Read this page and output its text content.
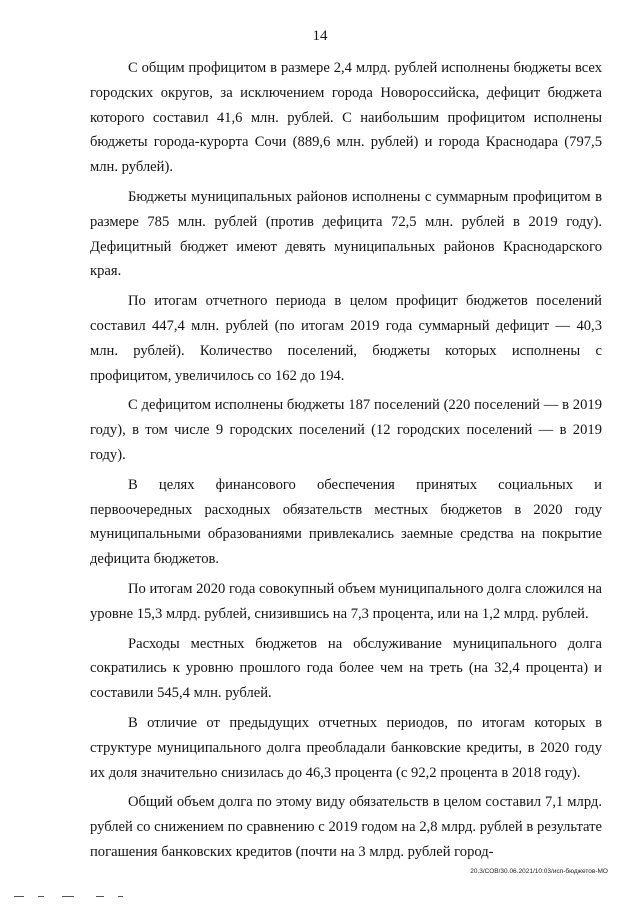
14

С общим профицитом в размере 2,4 млрд. рублей исполнены бюджеты всех городских округов, за исключением города Новороссийска, дефицит бюджета которого составил 41,6 млн. рублей. С наибольшим профицитом исполнены бюджеты города-курорта Сочи (889,6 млн. рублей) и города Краснодара (797,5 млн. рублей).

Бюджеты муниципальных районов исполнены с суммарным профицитом в размере 785 млн. рублей (против дефицита 72,5 млн. рублей в 2019 году). Дефицитный бюджет имеют девять муниципальных районов Краснодарского края.

По итогам отчетного периода в целом профицит бюджетов поселений составил 447,4 млн. рублей (по итогам 2019 года суммарный дефицит — 40,3 млн. рублей). Количество поселений, бюджеты которых исполнены с профицитом, увеличилось со 162 до 194.

С дефицитом исполнены бюджеты 187 поселений (220 поселений — в 2019 году), в том числе 9 городских поселений (12 городских поселений — в 2019 году).

В целях финансового обеспечения принятых социальных и первоочередных расходных обязательств местных бюджетов в 2020 году муниципальными образованиями привлекались заемные средства на покрытие дефицита бюджетов.

По итогам 2020 года совокупный объем муниципального долга сложился на уровне 15,3 млрд. рублей, снизившись на 7,3 процента, или на 1,2 млрд. рублей.

Расходы местных бюджетов на обслуживание муниципального долга сократились к уровню прошлого года более чем на треть (на 32,4 процента) и составили 545,4 млн. рублей.

В отличие от предыдущих отчетных периодов, по итогам которых в структуре муниципального долга преобладали банковские кредиты, в 2020 году их доля значительно снизилась до 46,3 процента (с 92,2 процента в 2018 году).

Общий объем долга по этому виду обязательств в целом составил 7,1 млрд. рублей со снижением по сравнению с 2019 годом на 2,8 млрд. рублей в результате погашения банковских кредитов (почти на 3 млрд. рублей город-

20.3/СОВ/30.06.2021/10:03/исп-бюджетов-МО
